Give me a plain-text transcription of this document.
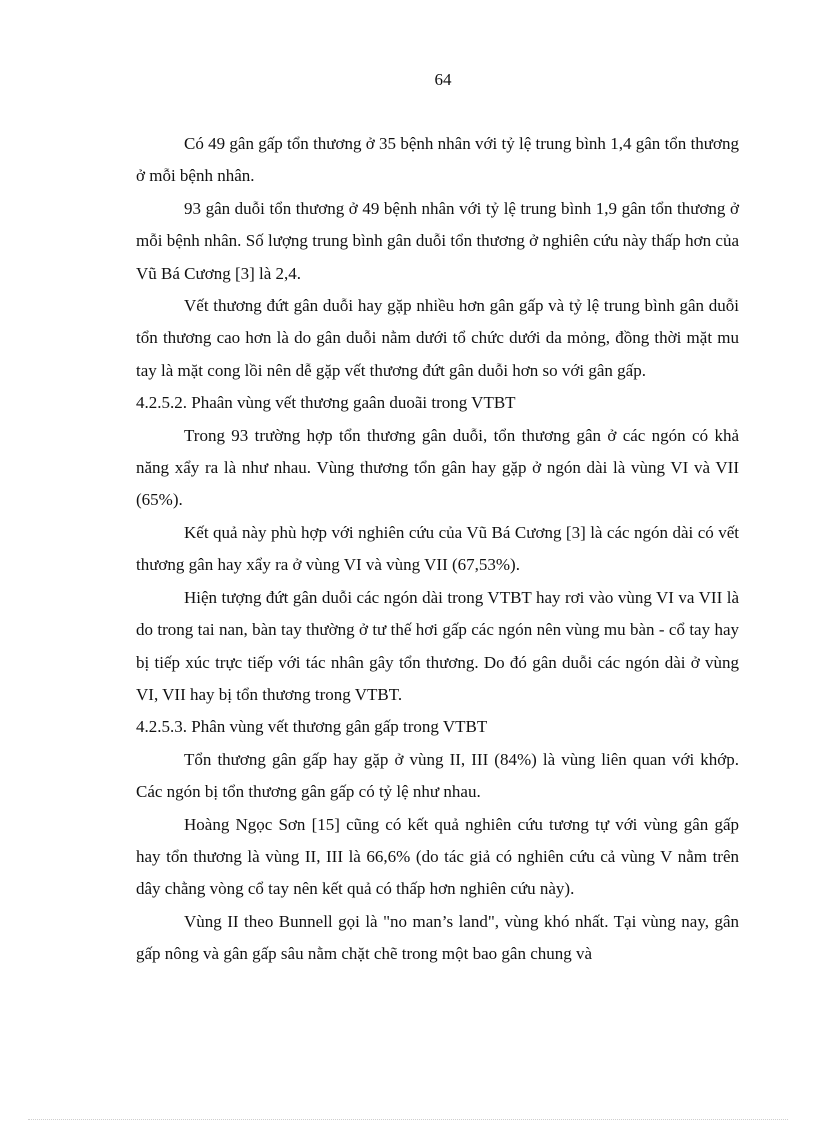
64

Có 49 gân gấp tổn thương ở 35 bệnh nhân với tỷ lệ trung bình 1,4 gân tổn thương ở mỗi bệnh nhân.

93 gân duỗi tổn thương ở 49 bệnh nhân với tỷ lệ trung bình 1,9 gân tổn thương ở mỗi bệnh nhân. Số lượng trung bình gân duỗi tổn thương ở nghiên cứu này thấp hơn của Vũ Bá Cương [3] là 2,4.

Vết thương đứt gân duỗi hay gặp nhiều hơn gân gấp và tỷ lệ trung bình gân duỗi tổn thương cao hơn là do gân duỗi nằm dưới tổ chức dưới da mỏng, đồng thời mặt mu tay là mặt cong lồi nên dễ gặp vết thương đứt gân duỗi hơn so với gân gấp.

4.2.5.2. Phaân vùng vết thương gaân duoãi trong VTBT

Trong 93 trường hợp tổn thương gân duỗi, tổn thương gân ở các ngón có khả năng xẩy ra là như nhau. Vùng thương tổn gân hay gặp ở ngón dài là vùng VI và VII (65%).

Kết quả này phù hợp với nghiên cứu của Vũ Bá Cương [3] là các ngón dài có vết thương gân hay xẩy ra ở vùng VI và vùng VII (67,53%).

Hiện tượng đứt gân duỗi các ngón dài trong VTBT hay rơi vào vùng VI va VII là do trong tai nan, bàn tay thường ở tư thế hơi gấp các ngón nên vùng mu bàn - cổ tay hay bị tiếp xúc trực tiếp với tác nhân gây tổn thương. Do đó gân duỗi các ngón dài ở vùng VI, VII hay bị tổn thương trong VTBT.

4.2.5.3. Phân vùng vết thương gân gấp trong VTBT

Tổn thương gân gấp hay gặp ở vùng II, III (84%) là vùng liên quan với khớp. Các ngón bị tổn thương gân gấp có tỷ lệ như nhau.

Hoàng Ngọc Sơn [15] cũng có kết quả nghiên cứu tương tự với vùng gân gấp hay tổn thương là vùng II, III là 66,6% (do tác giả có nghiên cứu cả vùng V nằm trên dây chằng vòng cổ tay nên kết quả có thấp hơn nghiên cứu này).

Vùng II theo Bunnell gọi là "no man’s land", vùng khó nhất. Tại vùng nay, gân gấp nông và gân gấp sâu nằm chặt chẽ trong một bao gân chung và
